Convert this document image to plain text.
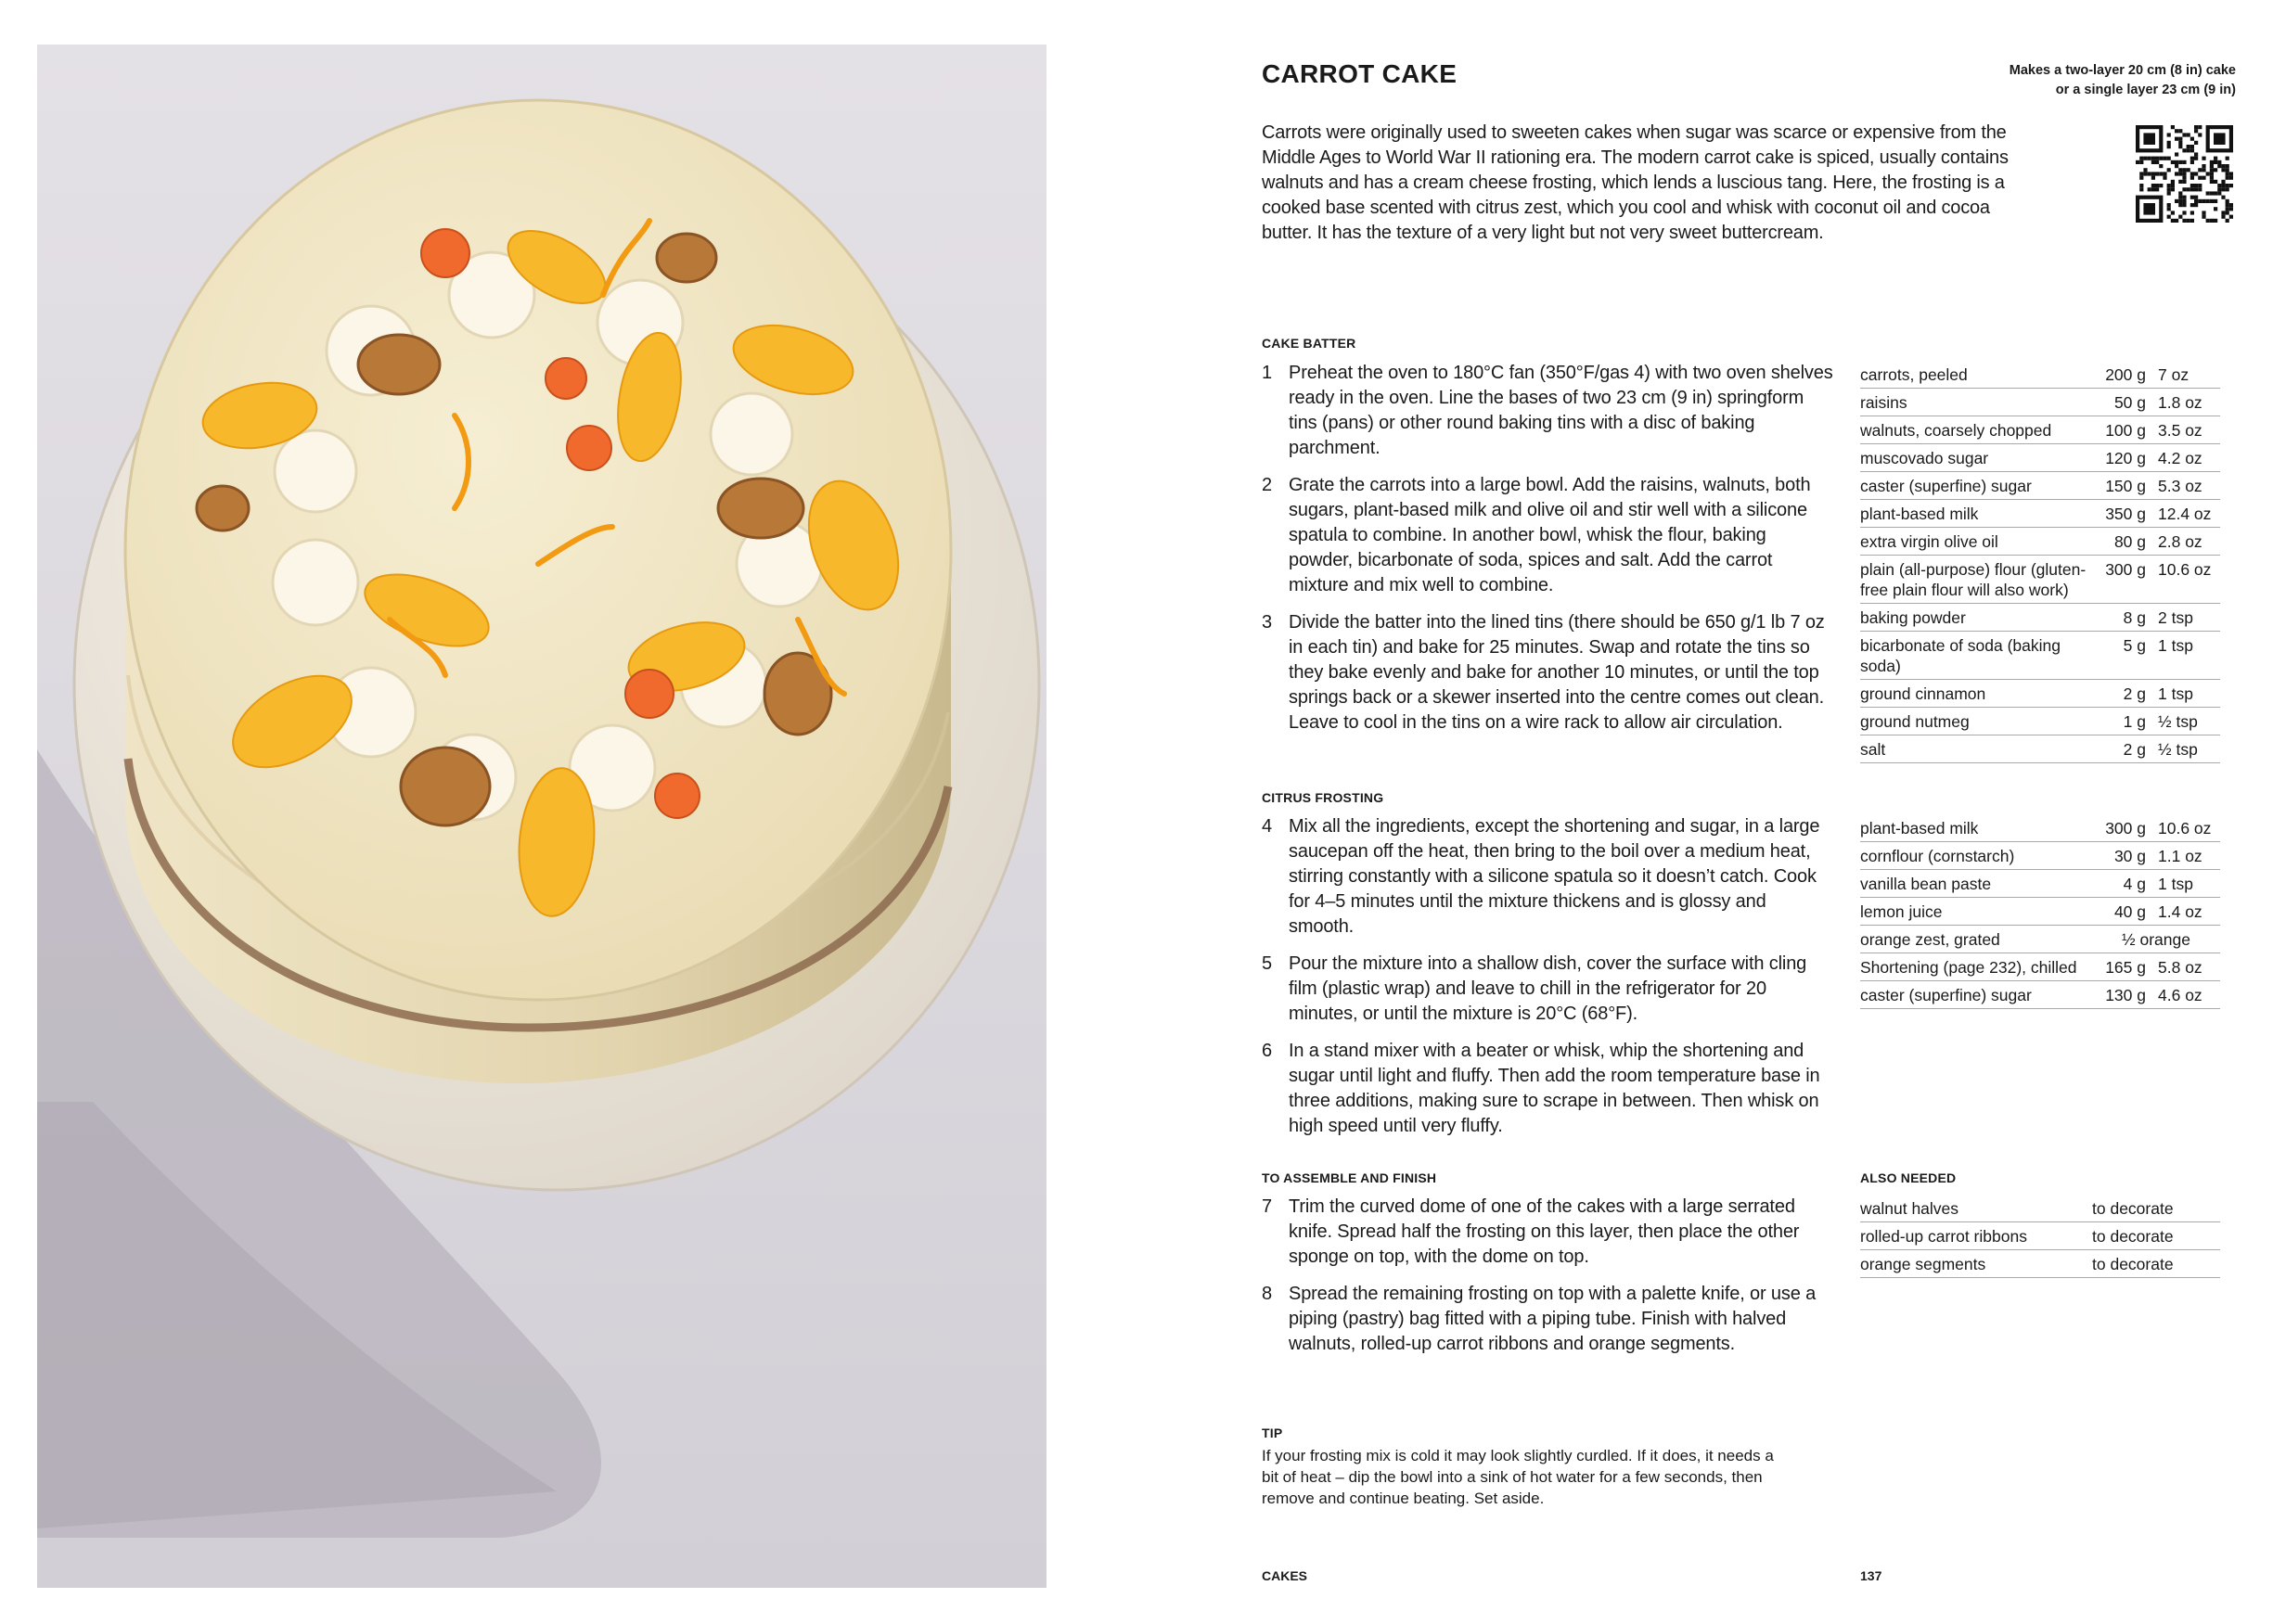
CARROT CAKE	Makes a two-layer 20 cm (8 in) cake
or a single layer 23 cm (9 in)

Carrots were originally used to sweeten cakes when sugar was scarce or expensive from the Middle Ages to World War II rationing era. The modern carrot cake is spiced, usually contains walnuts and has a cream cheese frosting, which lends a luscious tang. Here, the frosting is a cooked base scented with citrus zest, which you cool and whisk with coconut oil and cocoa butter. It has the texture of a very light but not very sweet buttercream.

CAKE BATTER
1 Preheat the oven to 180°C fan (350°F/gas 4) with two oven shelves ready in the oven. Line the bases of two 23 cm (9 in) springform tins (pans) or other round baking tins with a disc of baking parchment.
2 Grate the carrots into a large bowl. Add the raisins, walnuts, both sugars, plant-based milk and olive oil and stir well with a silicone spatula to combine. In another bowl, whisk the flour, baking powder, bicarbonate of soda, spices and salt. Add the carrot mixture and mix well to combine.
3 Divide the batter into the lined tins (there should be 650 g/1 lb 7 oz in each tin) and bake for 25 minutes. Swap and rotate the tins so they bake evenly and bake for another 10 minutes, or until the top springs back or a skewer inserted into the centre comes out clean. Leave to cool in the tins on a wire rack to allow air circulation.
carrots, peeled	200 g	7 oz
raisins	50 g	1.8 oz
walnuts, coarsely chopped	100 g	3.5 oz
muscovado sugar	120 g	4.2 oz
caster (superfine) sugar	150 g	5.3 oz
plant-based milk	350 g	12.4 oz
extra virgin olive oil	80 g	2.8 oz
plain (all-purpose) flour (gluten-free plain flour will also work)	300 g	10.6 oz
baking powder	8 g	2 tsp
bicarbonate of soda (baking soda)	5 g	1 tsp
ground cinnamon	2 g	1 tsp
ground nutmeg	1 g	½ tsp
salt	2 g	½ tsp
CITRUS FROSTING
4 Mix all the ingredients, except the shortening and sugar, in a large saucepan off the heat, then bring to the boil over a medium heat, stirring constantly with a silicone spatula so it doesn’t catch. Cook for 4–5 minutes until the mixture thickens and is glossy and smooth.
5 Pour the mixture into a shallow dish, cover the surface with cling film (plastic wrap) and leave to chill in the refrigerator for 20 minutes, or until the mixture is 20°C (68°F).
6 In a stand mixer with a beater or whisk, whip the shortening and sugar until light and fluffy. Then add the room temperature base in three additions, making sure to scrape in between. Then whisk on high speed until very fluffy.
plant-based milk	300 g	10.6 oz
cornflour (cornstarch)	30 g	1.1 oz
vanilla bean paste	4 g	1 tsp
lemon juice	40 g	1.4 oz
orange zest, grated	½ orange	
Shortening (page 232), chilled	165 g	5.8 oz
caster (superfine) sugar	130 g	4.6 oz
TO ASSEMBLE AND FINISH
7 Trim the curved dome of one of the cakes with a large serrated knife. Spread half the frosting on this layer, then place the other sponge on top, with the dome on top.
8 Spread the remaining frosting on top with a palette knife, or use a piping (pastry) bag fitted with a piping tube. Finish with halved walnuts, rolled-up carrot ribbons and orange segments.
ALSO NEEDED
walnut halves	to decorate
rolled-up carrot ribbons	to decorate
orange segments	to decorate
TIP

If your frosting mix is cold it may look slightly curdled. If it does, it needs a bit of heat – dip the bowl into a sink of hot water for a few seconds, then remove and continue beating. Set aside.

CAKES	137
